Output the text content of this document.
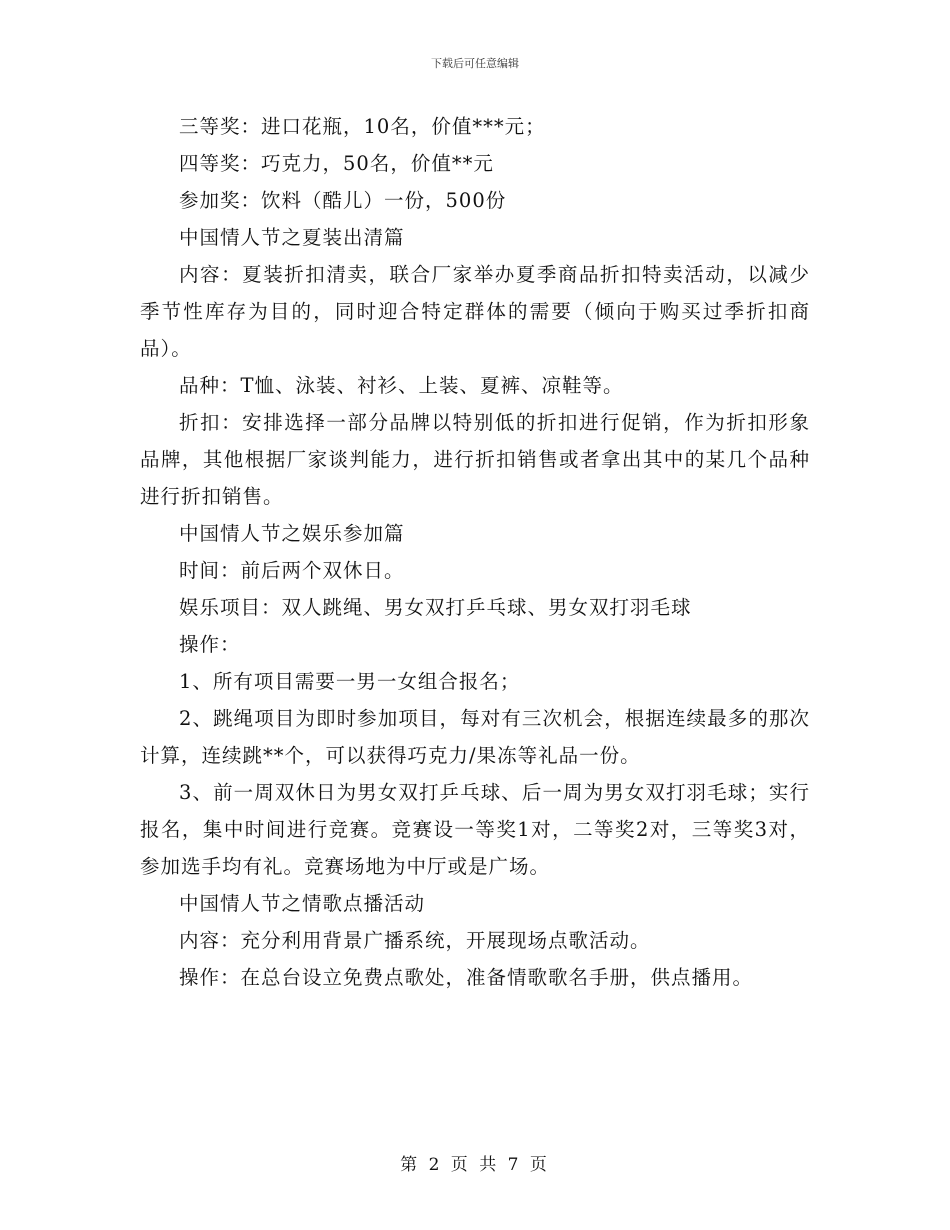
下载后可任意编辑

三等奖：进口花瓶，10名，价值***元；

四等奖：巧克力，50名，价值**元

参加奖：饮料（酷儿）一份，500份

中国情人节之夏装出清篇

内容：夏装折扣清卖，联合厂家举办夏季商品折扣特卖活动，以减少季节性库存为目的，同时迎合特定群体的需要（倾向于购买过季折扣商品）。

品种：T恤、泳装、衬衫、上装、夏裤、凉鞋等。

折扣：安排选择一部分品牌以特别低的折扣进行促销，作为折扣形象品牌，其他根据厂家谈判能力，进行折扣销售或者拿出其中的某几个品种进行折扣销售。

中国情人节之娱乐参加篇

时间：前后两个双休日。

娱乐项目：双人跳绳、男女双打乒乓球、男女双打羽毛球

操作：

1、所有项目需要一男一女组合报名；

2、跳绳项目为即时参加项目，每对有三次机会，根据连续最多的那次计算，连续跳**个，可以获得巧克力/果冻等礼品一份。

3、前一周双休日为男女双打乒乓球、后一周为男女双打羽毛球；实行报名，集中时间进行竞赛。竞赛设一等奖1对，二等奖2对，三等奖3对，参加选手均有礼。竞赛场地为中厅或是广场。

中国情人节之情歌点播活动

内容：充分利用背景广播系统，开展现场点歌活动。

操作：在总台设立免费点歌处，准备情歌歌名手册，供点播用。

第 2 页 共 7 页
